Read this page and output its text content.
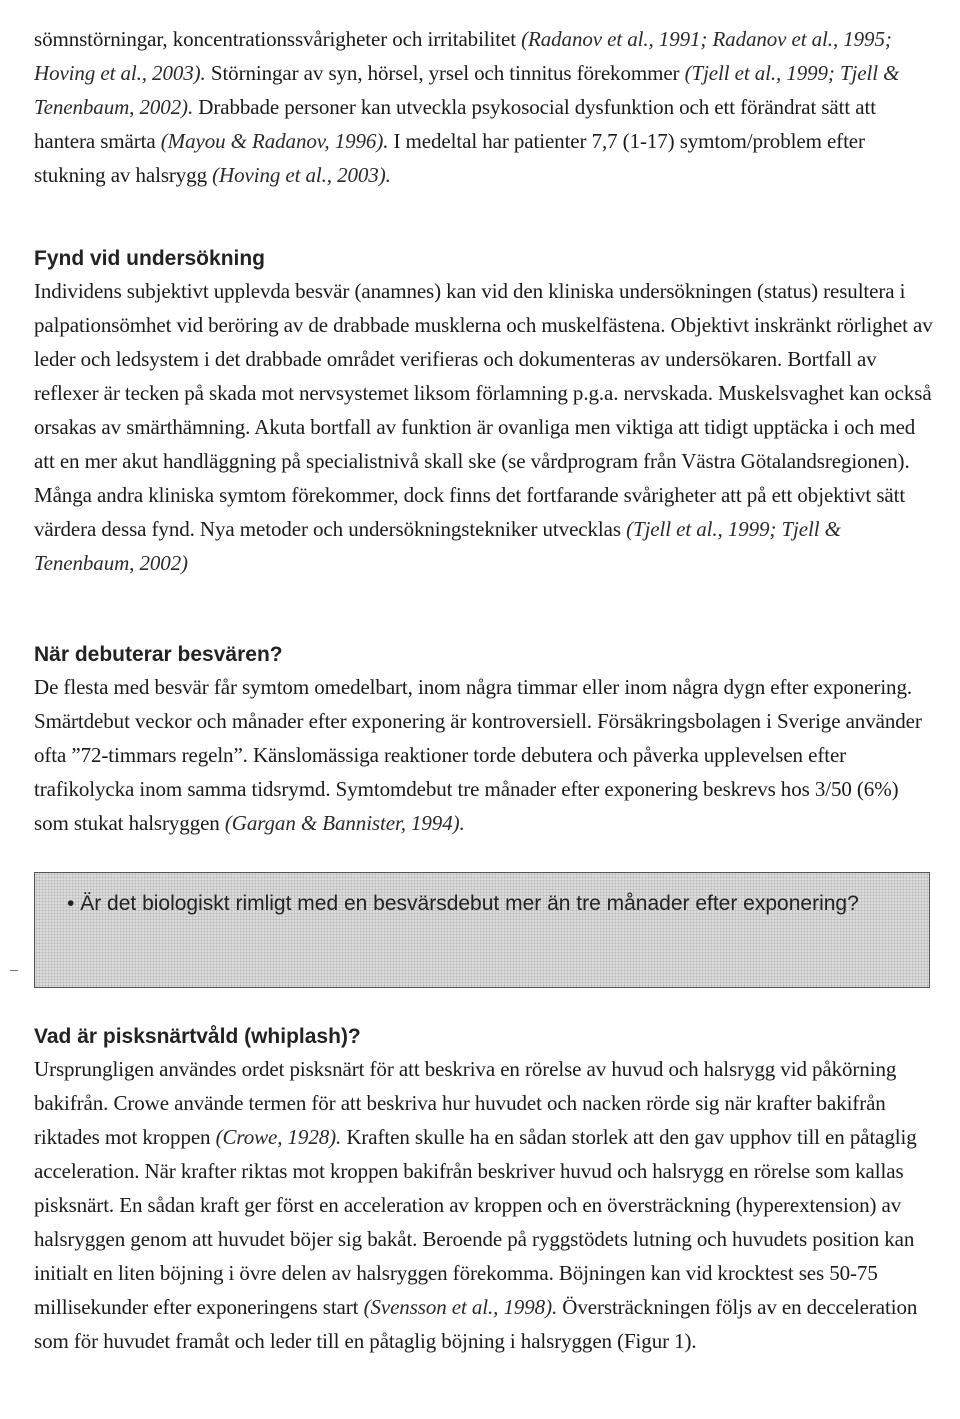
sömnstörningar, koncentrationssvårigheter och irritabilitet (Radanov et al., 1991; Radanov et al., 1995; Hoving et al., 2003). Störningar av syn, hörsel, yrsel och tinnitus förekommer (Tjell et al., 1999; Tjell & Tenenbaum, 2002). Drabbade personer kan utveckla psykosocial dysfunktion och ett förändrat sätt att hantera smärta (Mayou & Radanov, 1996). I medeltal har patienter 7,7 (1-17) symtom/problem efter stukning av halsrygg (Hoving et al., 2003).

Fynd vid undersökning

Individens subjektivt upplevda besvär (anamnes) kan vid den kliniska undersökningen (status) resultera i palpationsömhet vid beröring av de drabbade musklerna och muskelfästena. Objektivt inskränkt rörlighet av leder och ledsystem i det drabbade området verifieras och dokumenteras av undersökaren. Bortfall av reflexer är tecken på skada mot nervsystemet liksom förlamning p.g.a. nervskada. Muskelsvaghet kan också orsakas av smärthämning. Akuta bortfall av funktion är ovanliga men viktiga att tidigt upptäcka i och med att en mer akut handläggning på specialistnivå skall ske (se vårdprogram från Västra Götalandsregionen). Många andra kliniska symtom förekommer, dock finns det fortfarande svårigheter att på ett objektivt sätt värdera dessa fynd. Nya metoder och undersökningstekniker utvecklas (Tjell et al., 1999; Tjell & Tenenbaum, 2002)

När debuterar besvären?

De flesta med besvär får symtom omedelbart, inom några timmar eller inom några dygn efter exponering. Smärtdebut veckor och månader efter exponering är kontroversiell. Försäkringsbolagen i Sverige använder ofta ”72-timmars regeln”. Känslomässiga reaktioner torde debutera och påverka upplevelsen efter trafikolycka inom samma tidsrymd. Symtomdebut tre månader efter exponering beskrevs hos 3/50 (6%) som stukat halsryggen (Gargan & Bannister, 1994).

• Är det biologiskt rimligt med en besvärsdebut mer än tre månader efter exponering?
Vad är pisksnärtvåld (whiplash)?

Ursprungligen användes ordet pisksnärt för att beskriva en rörelse av huvud och halsrygg vid påkörning bakifrån. Crowe använde termen för att beskriva hur huvudet och nacken rörde sig när krafter bakifrån riktades mot kroppen (Crowe, 1928). Kraften skulle ha en sådan storlek att den gav upphov till en påtaglig acceleration. När krafter riktas mot kroppen bakifrån beskriver huvud och halsrygg en rörelse som kallas pisksnärt. En sådan kraft ger först en acceleration av kroppen och en översträckning (hyperextension) av halsryggen genom att huvudet böjer sig bakåt. Beroende på ryggstödets lutning och huvudets position kan initialt en liten böjning i övre delen av halsryggen förekomma. Böjningen kan vid krocktest ses 50-75 millisekunder efter exponeringens start (Svensson et al., 1998). Översträckningen följs av en decceleration som för huvudet framåt och leder till en påtaglig böjning i halsryggen (Figur 1).
